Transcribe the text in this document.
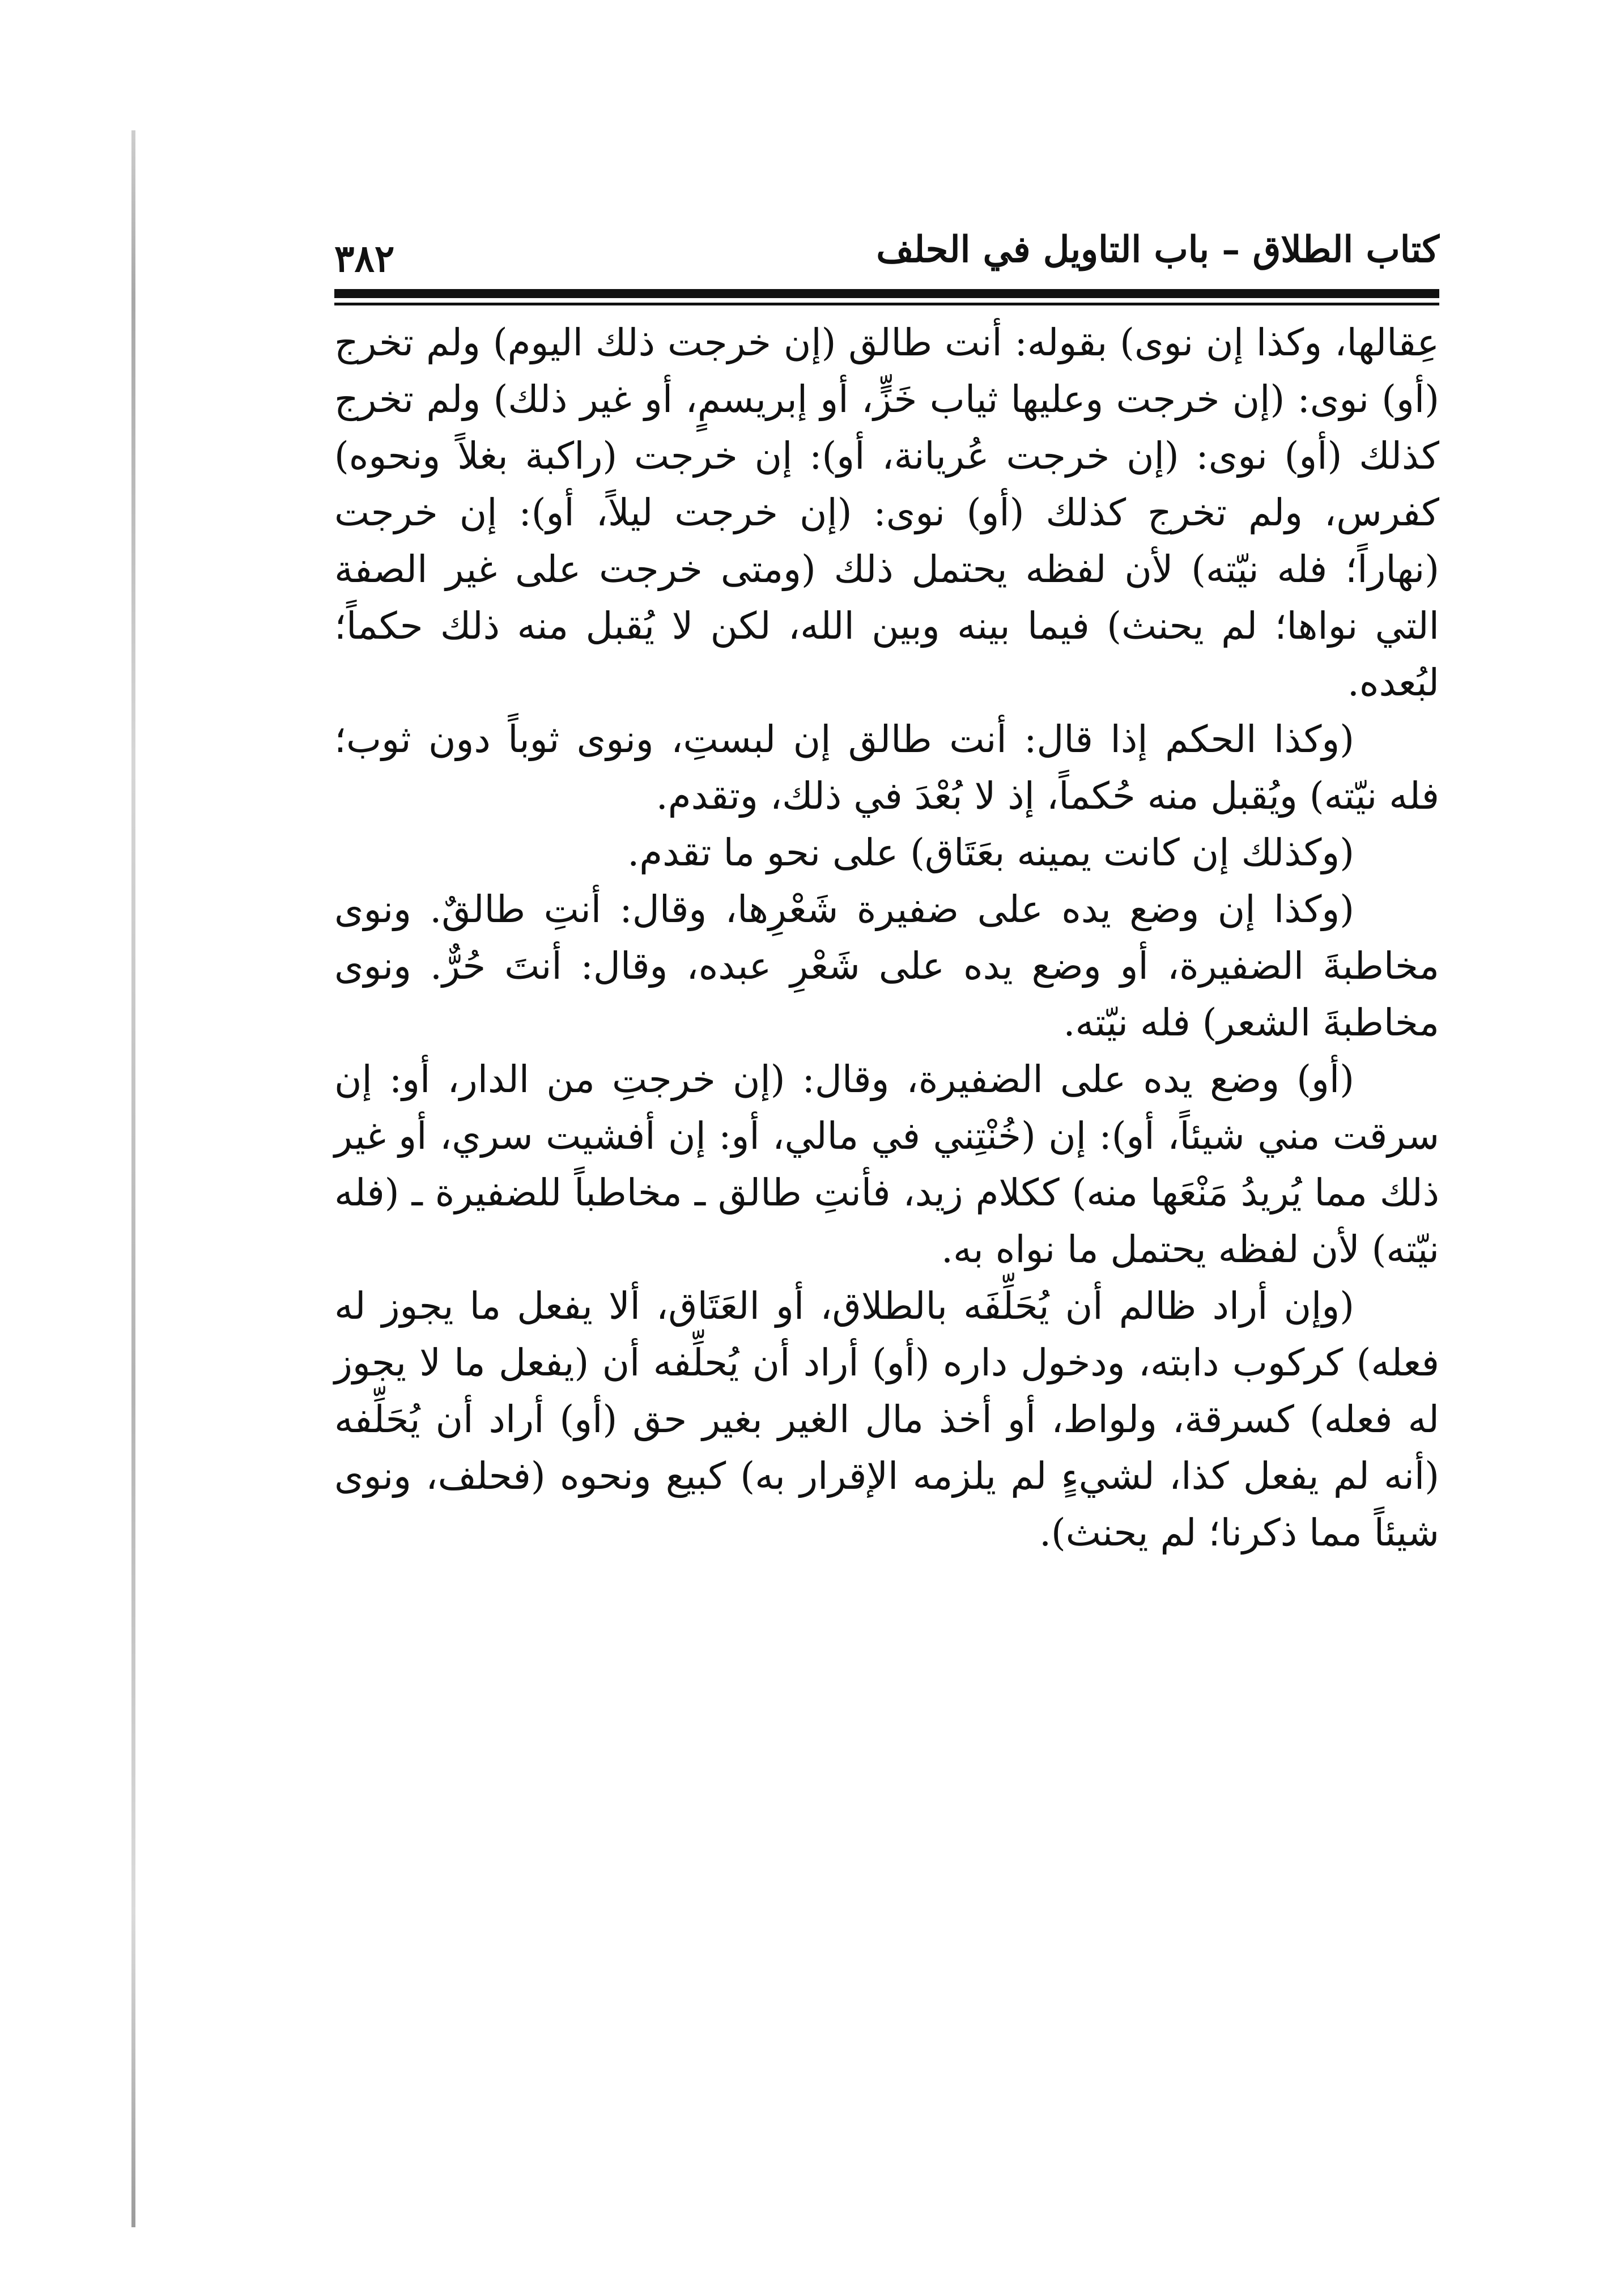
كتاب الطلاق – باب التاويل في الحلف
٣٨٢

عِقالها، وكذا إن نوى) بقوله: أنت طالق (إن خرجت ذلك اليوم) ولم تخرج (أو) نوى: (إن خرجت وعليها ثياب خَزٍّ، أو إبريسمٍ، أو غير ذلك) ولم تخرج كذلك (أو) نوى: (إن خرجت عُريانة، أو): إن خرجت (راكبة بغلاً ونحوه) كفرس، ولم تخرج كذلك (أو) نوى: (إن خرجت ليلاً، أو): إن خرجت (نهاراً؛ فله نيّته) لأن لفظه يحتمل ذلك (ومتى خرجت على غير الصفة التي نواها؛ لم يحنث) فيما بينه وبين الله، لكن لا يُقبل منه ذلك حكماً؛ لبُعده.

(وكذا الحكم إذا قال: أنت طالق إن لبستِ، ونوى ثوباً دون ثوب؛ فله نيّته) ويُقبل منه حُكماً، إذ لا بُعْدَ في ذلك، وتقدم.

(وكذلك إن كانت يمينه بعَتَاق) على نحو ما تقدم.

(وكذا إن وضع يده على ضفيرة شَعْرِها، وقال: أنتِ طالقٌ. ونوى مخاطبةَ الضفيرة، أو وضع يده على شَعْرِ عبده، وقال: أنتَ حُرٌّ. ونوى مخاطبةَ الشعر) فله نيّته.

(أو) وضع يده على الضفيرة، وقال: (إن خرجتِ من الدار، أو: إن سرقت مني شيئاً، أو): إن (خُنْتِني في مالي، أو: إن أفشيت سري، أو غير ذلك مما يُريدُ مَنْعَها منه) ككلام زيد، فأنتِ طالق ـ مخاطباً للضفيرة ـ (فله نيّته) لأن لفظه يحتمل ما نواه به.

(وإن أراد ظالم أن يُحَلِّفَه بالطلاق، أو العَتَاق، ألا يفعل ما يجوز له فعله) كركوب دابته، ودخول داره (أو) أراد أن يُحلِّفه أن (يفعل ما لا يجوز له فعله) كسرقة، ولواط، أو أخذ مال الغير بغير حق (أو) أراد أن يُحَلِّفه (أنه لم يفعل كذا، لشيءٍ لم يلزمه الإقرار به) كبيع ونحوه (فحلف، ونوى شيئاً مما ذكرنا؛ لم يحنث).
